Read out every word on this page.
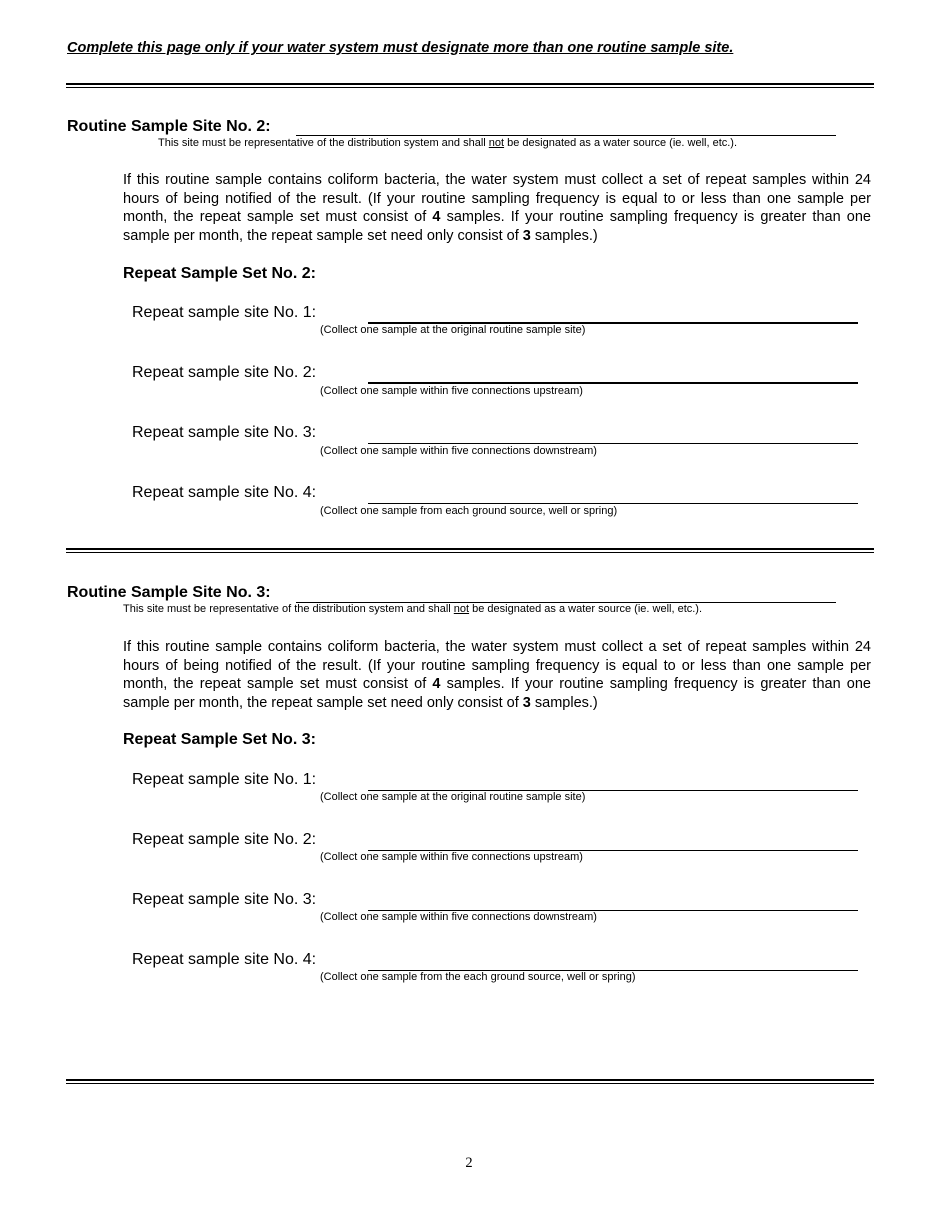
Complete this page only if your water system must designate more than one routine sample site.
Routine Sample Site No. 2:
This site must be representative of the distribution system and shall not be designated as a water source (ie. well, etc.).
If this routine sample contains coliform bacteria, the water system must collect a set of repeat samples within 24 hours of being notified of the result. (If your routine sampling frequency is equal to or less than one sample per month, the repeat sample set must consist of 4 samples. If your routine sampling frequency is greater than one sample per month, the repeat sample set need only consist of 3 samples.)
Repeat Sample Set No. 2:
Repeat sample site No. 1:
(Collect one sample at the original routine sample site)
Repeat sample site No. 2:
(Collect one sample within five connections upstream)
Repeat sample site No. 3:
(Collect one sample within five connections downstream)
Repeat sample site No. 4:
(Collect one sample from each ground source, well or spring)
Routine Sample Site No. 3:
This site must be representative of the distribution system and shall not be designated as a water source (ie. well, etc.).
If this routine sample contains coliform bacteria, the water system must collect a set of repeat samples within 24 hours of being notified of the result. (If your routine sampling frequency is equal to or less than one sample per month, the repeat sample set must consist of 4 samples. If your routine sampling frequency is greater than one sample per month, the repeat sample set need only consist of 3 samples.)
Repeat Sample Set No. 3:
Repeat sample site No. 1:
(Collect one sample at the original routine sample site)
Repeat sample site No. 2:
(Collect one sample within five connections upstream)
Repeat sample site No. 3:
(Collect one sample within five connections downstream)
Repeat sample site No. 4:
(Collect one sample from the each ground source, well or spring)
2
